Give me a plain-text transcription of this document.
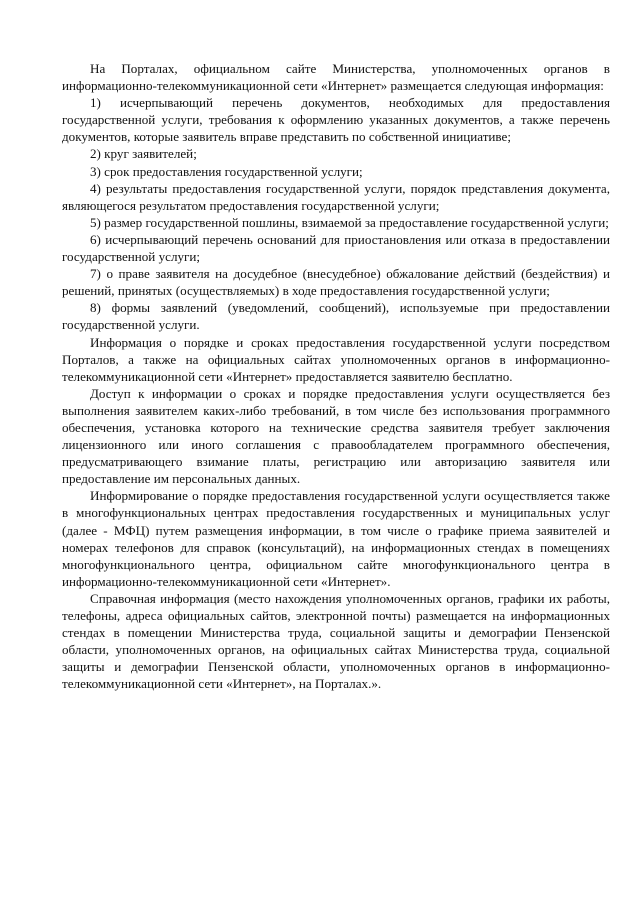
На Порталах, официальном сайте Министерства, уполномоченных органов в информационно-телекоммуникационной сети «Интернет» размещается следующая информация:

1) исчерпывающий перечень документов, необходимых для предоставления государственной услуги, требования к оформлению указанных документов, а также перечень документов, которые заявитель вправе представить по собственной инициативе;

2) круг заявителей;

3) срок предоставления государственной услуги;

4) результаты предоставления государственной услуги, порядок представления документа, являющегося результатом предоставления государственной услуги;

5) размер государственной пошлины, взимаемой за предоставление государственной услуги;

6) исчерпывающий перечень оснований для приостановления или отказа в предоставлении государственной услуги;

7) о праве заявителя на досудебное (внесудебное) обжалование действий (бездействия) и решений, принятых (осуществляемых) в ходе предоставления государственной услуги;

8) формы заявлений (уведомлений, сообщений), используемые при предоставлении государственной услуги.

Информация о порядке и сроках предоставления государственной услуги посредством Порталов, а также на официальных сайтах уполномоченных органов в информационно-телекоммуникационной сети «Интернет» предоставляется заявителю бесплатно.

Доступ к информации о сроках и порядке предоставления услуги осуществляется без выполнения заявителем каких-либо требований, в том числе без использования программного обеспечения, установка которого на технические средства заявителя требует заключения лицензионного или иного соглашения с правообладателем программного обеспечения, предусматривающего взимание платы, регистрацию или авторизацию заявителя или предоставление им персональных данных.

Информирование о порядке предоставления государственной услуги осуществляется также в многофункциональных центрах предоставления государственных и муниципальных услуг (далее - МФЦ) путем размещения информации, в том числе о графике приема заявителей и номерах телефонов для справок (консультаций), на информационных стендах в помещениях многофункционального центра, официальном сайте многофункционального центра в информационно-телекоммуникационной сети «Интернет».

Справочная информация (место нахождения уполномоченных органов, графики их работы, телефоны, адреса официальных сайтов, электронной почты) размещается на информационных стендах в помещении Министерства труда, социальной защиты и демографии Пензенской области, уполномоченных органов, на официальных сайтах Министерства труда, социальной защиты и демографии Пензенской области, уполномоченных органов в информационно-телекоммуникационной сети «Интернет», на Порталах.».
